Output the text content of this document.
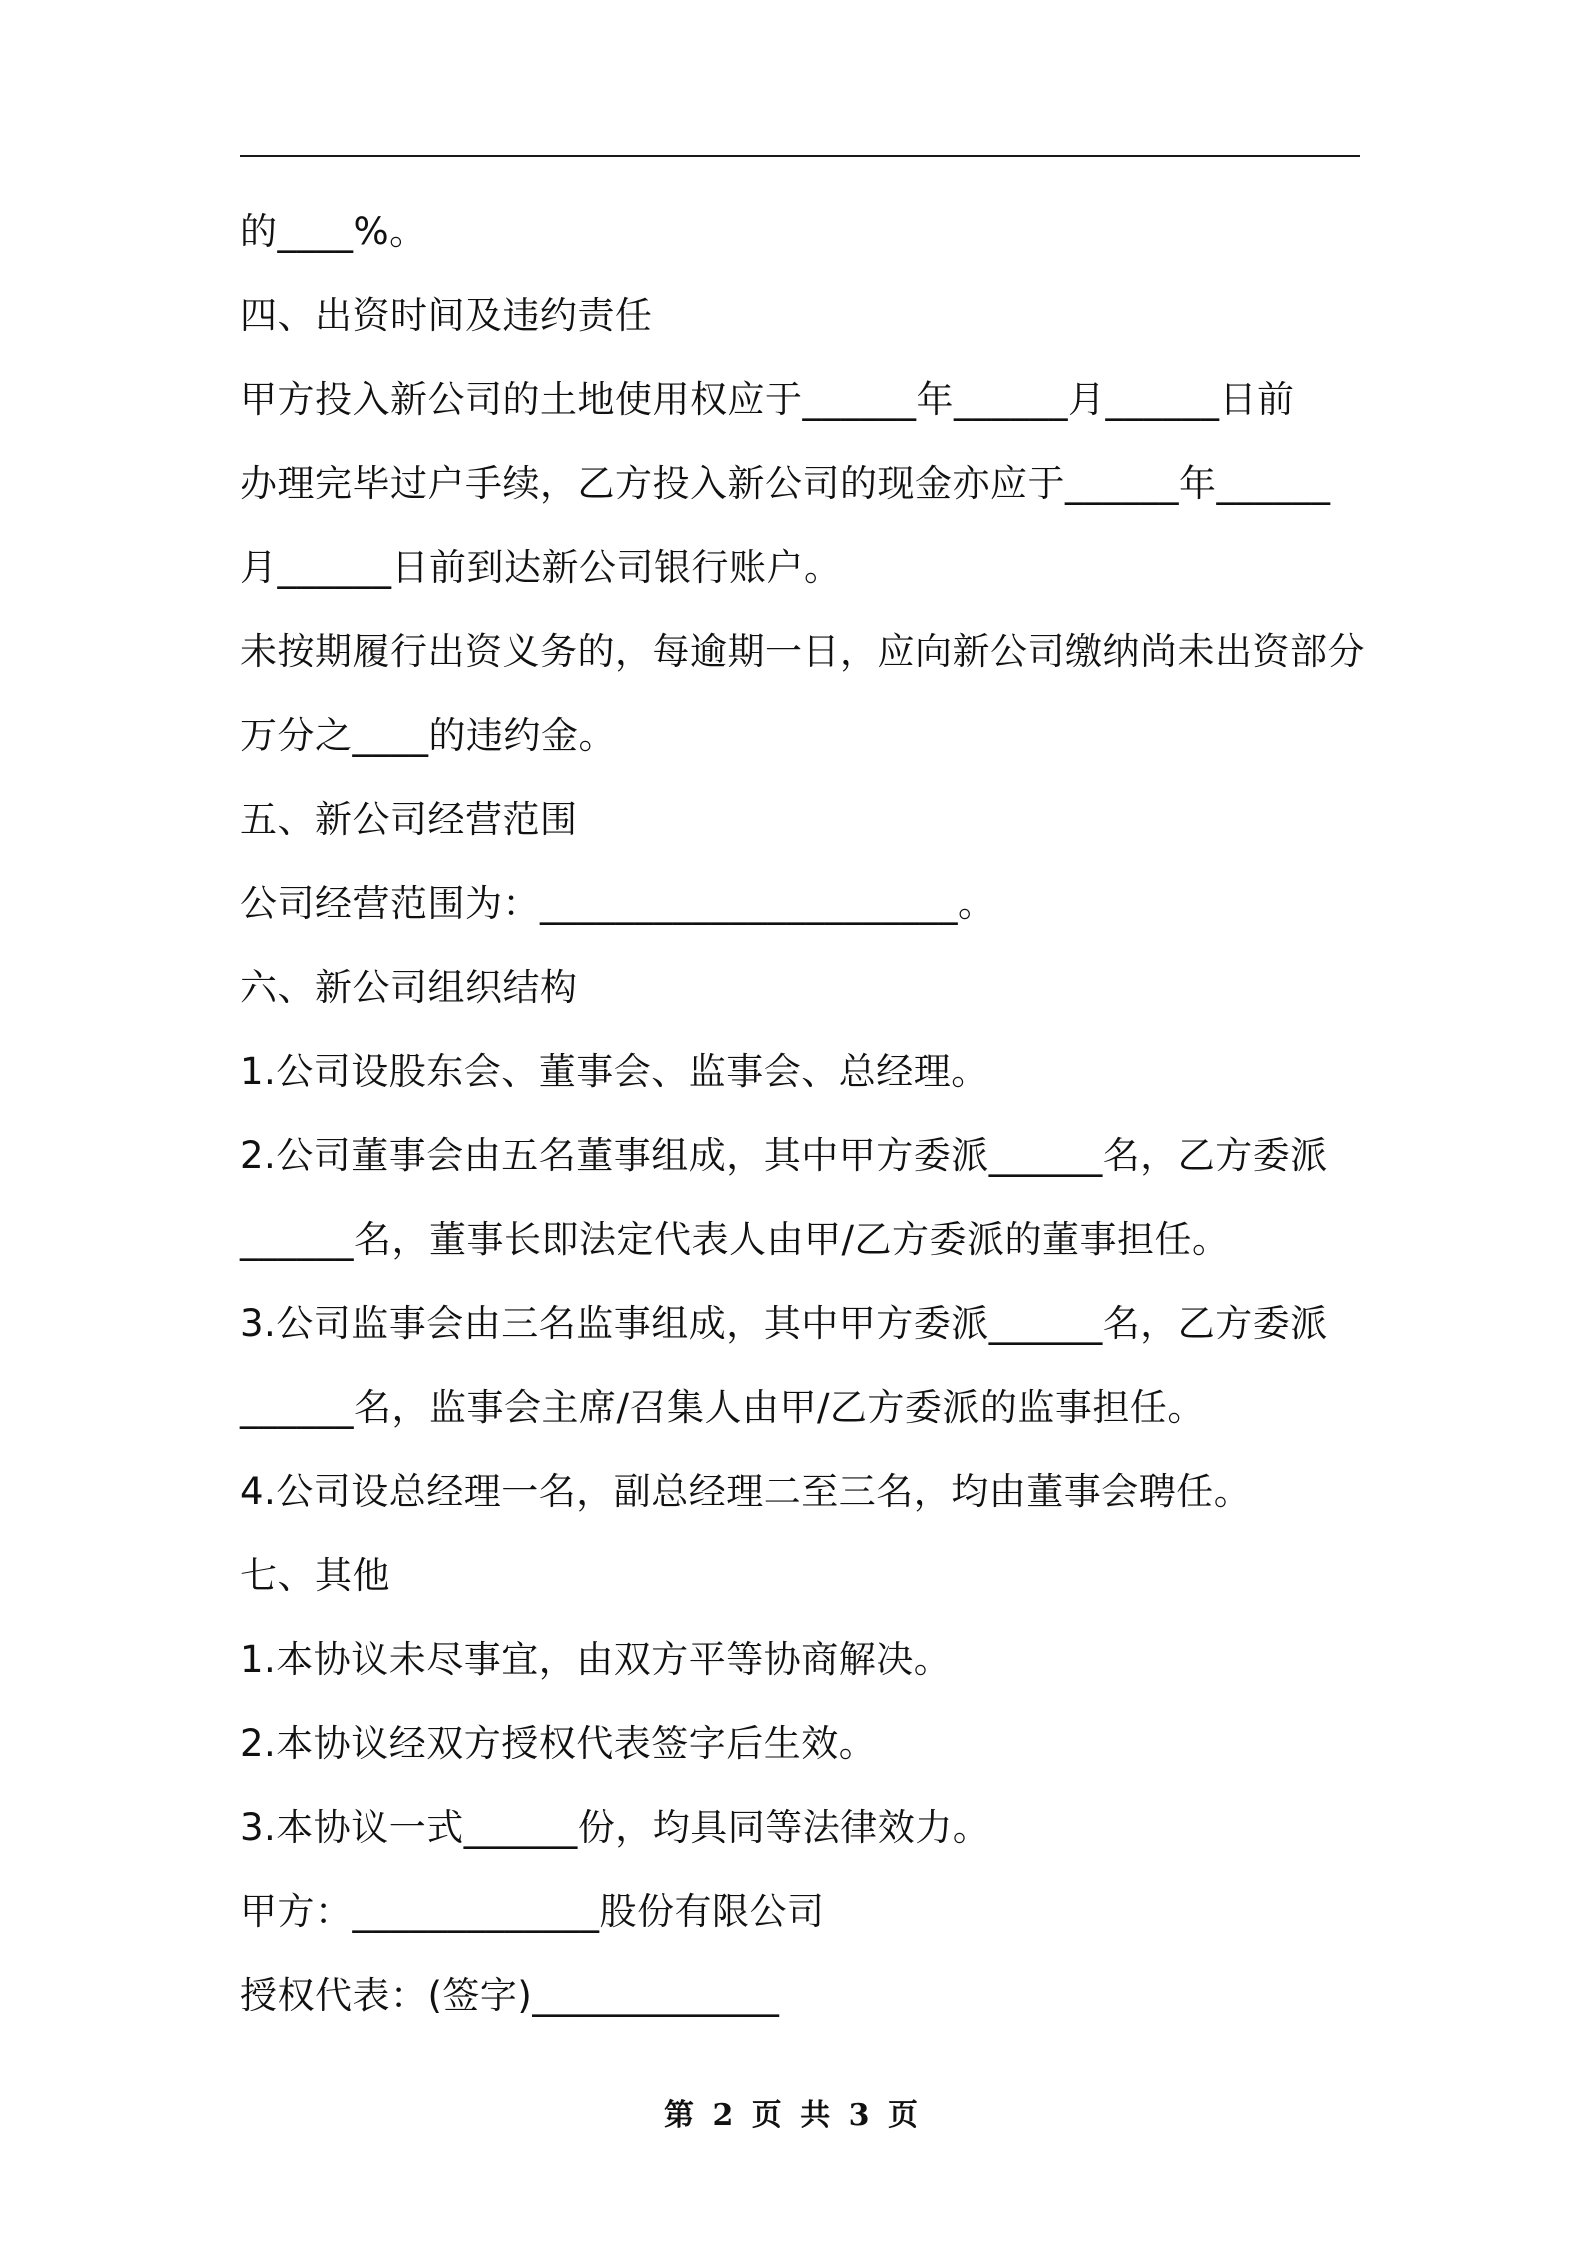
的____%。
四、出资时间及违约责任
甲方投入新公司的土地使用权应于______年______月______日前
办理完毕过户手续，乙方投入新公司的现金亦应于______年______
月______日前到达新公司银行账户。
未按期履行出资义务的，每逾期一日，应向新公司缴纳尚未出资部分
万分之____的违约金。
五、新公司经营范围
公司经营范围为：______________________。
六、新公司组织结构
1.公司设股东会、董事会、监事会、总经理。
2.公司董事会由五名董事组成，其中甲方委派______名，乙方委派
______名，董事长即法定代表人由甲/乙方委派的董事担任。
3.公司监事会由三名监事组成，其中甲方委派______名，乙方委派
______名，监事会主席/召集人由甲/乙方委派的监事担任。
4.公司设总经理一名，副总经理二至三名，均由董事会聘任。
七、其他
1.本协议未尽事宜，由双方平等协商解决。
2.本协议经双方授权代表签字后生效。
3.本协议一式______份，均具同等法律效力。
甲方：_____________股份有限公司
授权代表：(签字)_____________
第 2 页 共 3 页
